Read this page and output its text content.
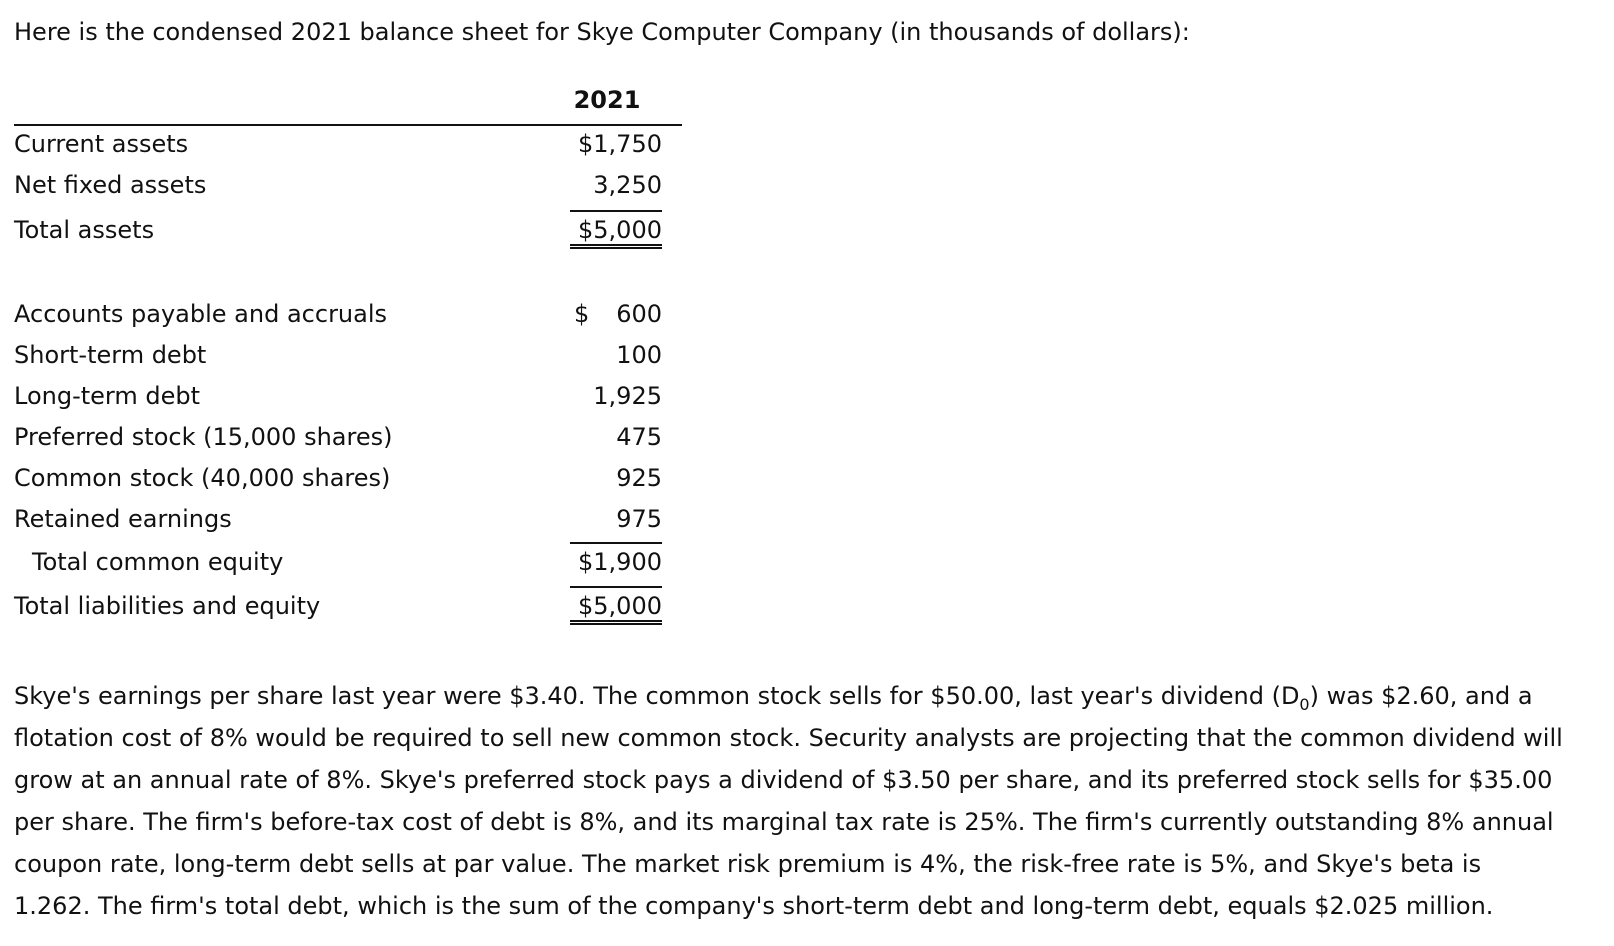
Here is the condensed 2021 balance sheet for Skye Computer Company (in thousands of dollars):
2021
Current assets	$1,750
Net fixed assets	3,250
Total assets	$5,000
Accounts payable and accruals	$ 600
Short-term debt	100
Long-term debt	1,925
Preferred stock (15,000 shares)	475
Common stock (40,000 shares)	925
Retained earnings	975
Total common equity	$1,900
Total liabilities and equity	$5,000
Skye's earnings per share last year were $3.40. The common stock sells for $50.00, last year's dividend $(D_0)$ was $2.60, and a
flotation cost of 8% would be required to sell new common stock. Security analysts are projecting that the common dividend will
grow at an annual rate of 8%. Skye's preferred stock pays a dividend of $3.50 per share, and its preferred stock sells for $35.00
per share. The firm's before-tax cost of debt is 8%, and its marginal tax rate is 25%. The firm's currently outstanding 8% annual
coupon rate, long-term debt sells at par value. The market risk premium is 4%, the risk-free rate is 5%, and Skye's beta is
1.262. The firm's total debt, which is the sum of the company's short-term debt and long-term debt, equals $2.025 million.
